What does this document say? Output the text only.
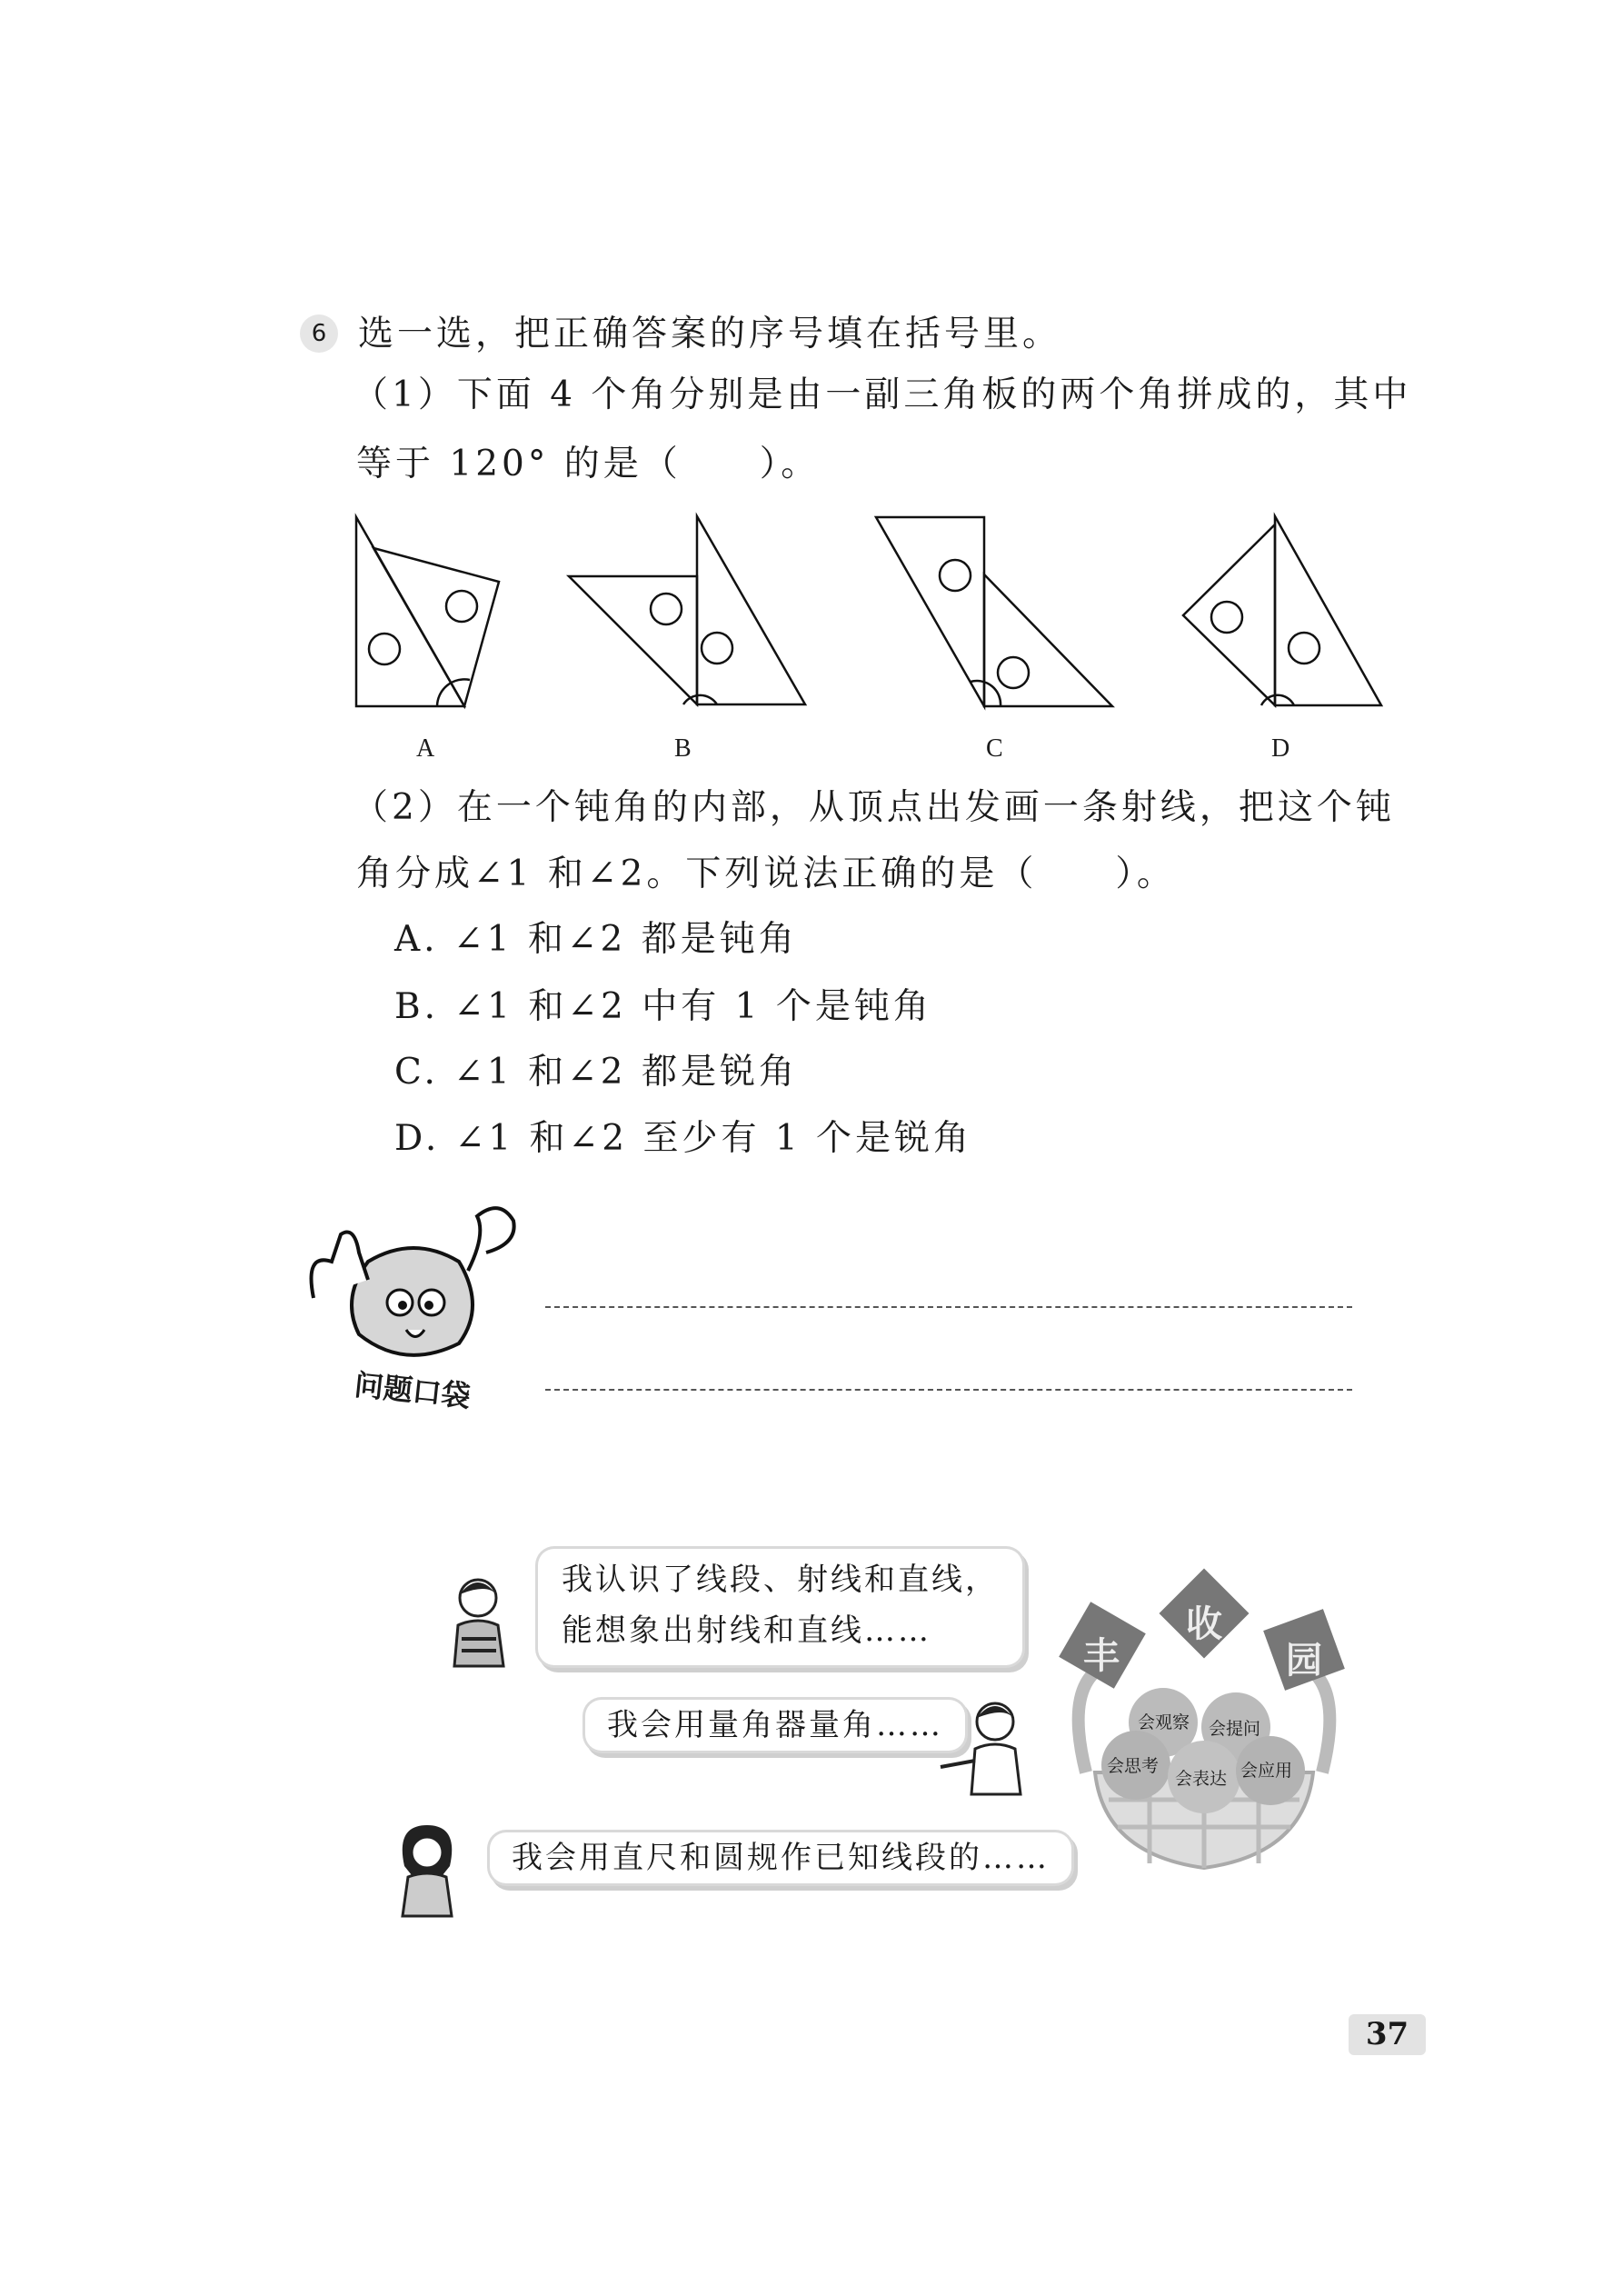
6 选一选，把正确答案的序号填在括号里。
（1）下面 4 个角分别是由一副三角板的两个角拼成的，其中
等于 120° 的是（　　）。
A	B	C	D
（2）在一个钝角的内部，从顶点出发画一条射线，把这个钝
角分成∠1 和∠2。下列说法正确的是（　　）。
A. ∠1 和∠2 都是钝角
B. ∠1 和∠2 中有 1 个是钝角
C. ∠1 和∠2 都是锐角
D. ∠1 和∠2 至少有 1 个是锐角
问题口袋
我认识了线段、射线和直线，
能想象出射线和直线……
我会用量角器量角……
我会用直尺和圆规作已知线段的……
丰
收
园
会观察 会提问
会思考
会表达 会应用
37
